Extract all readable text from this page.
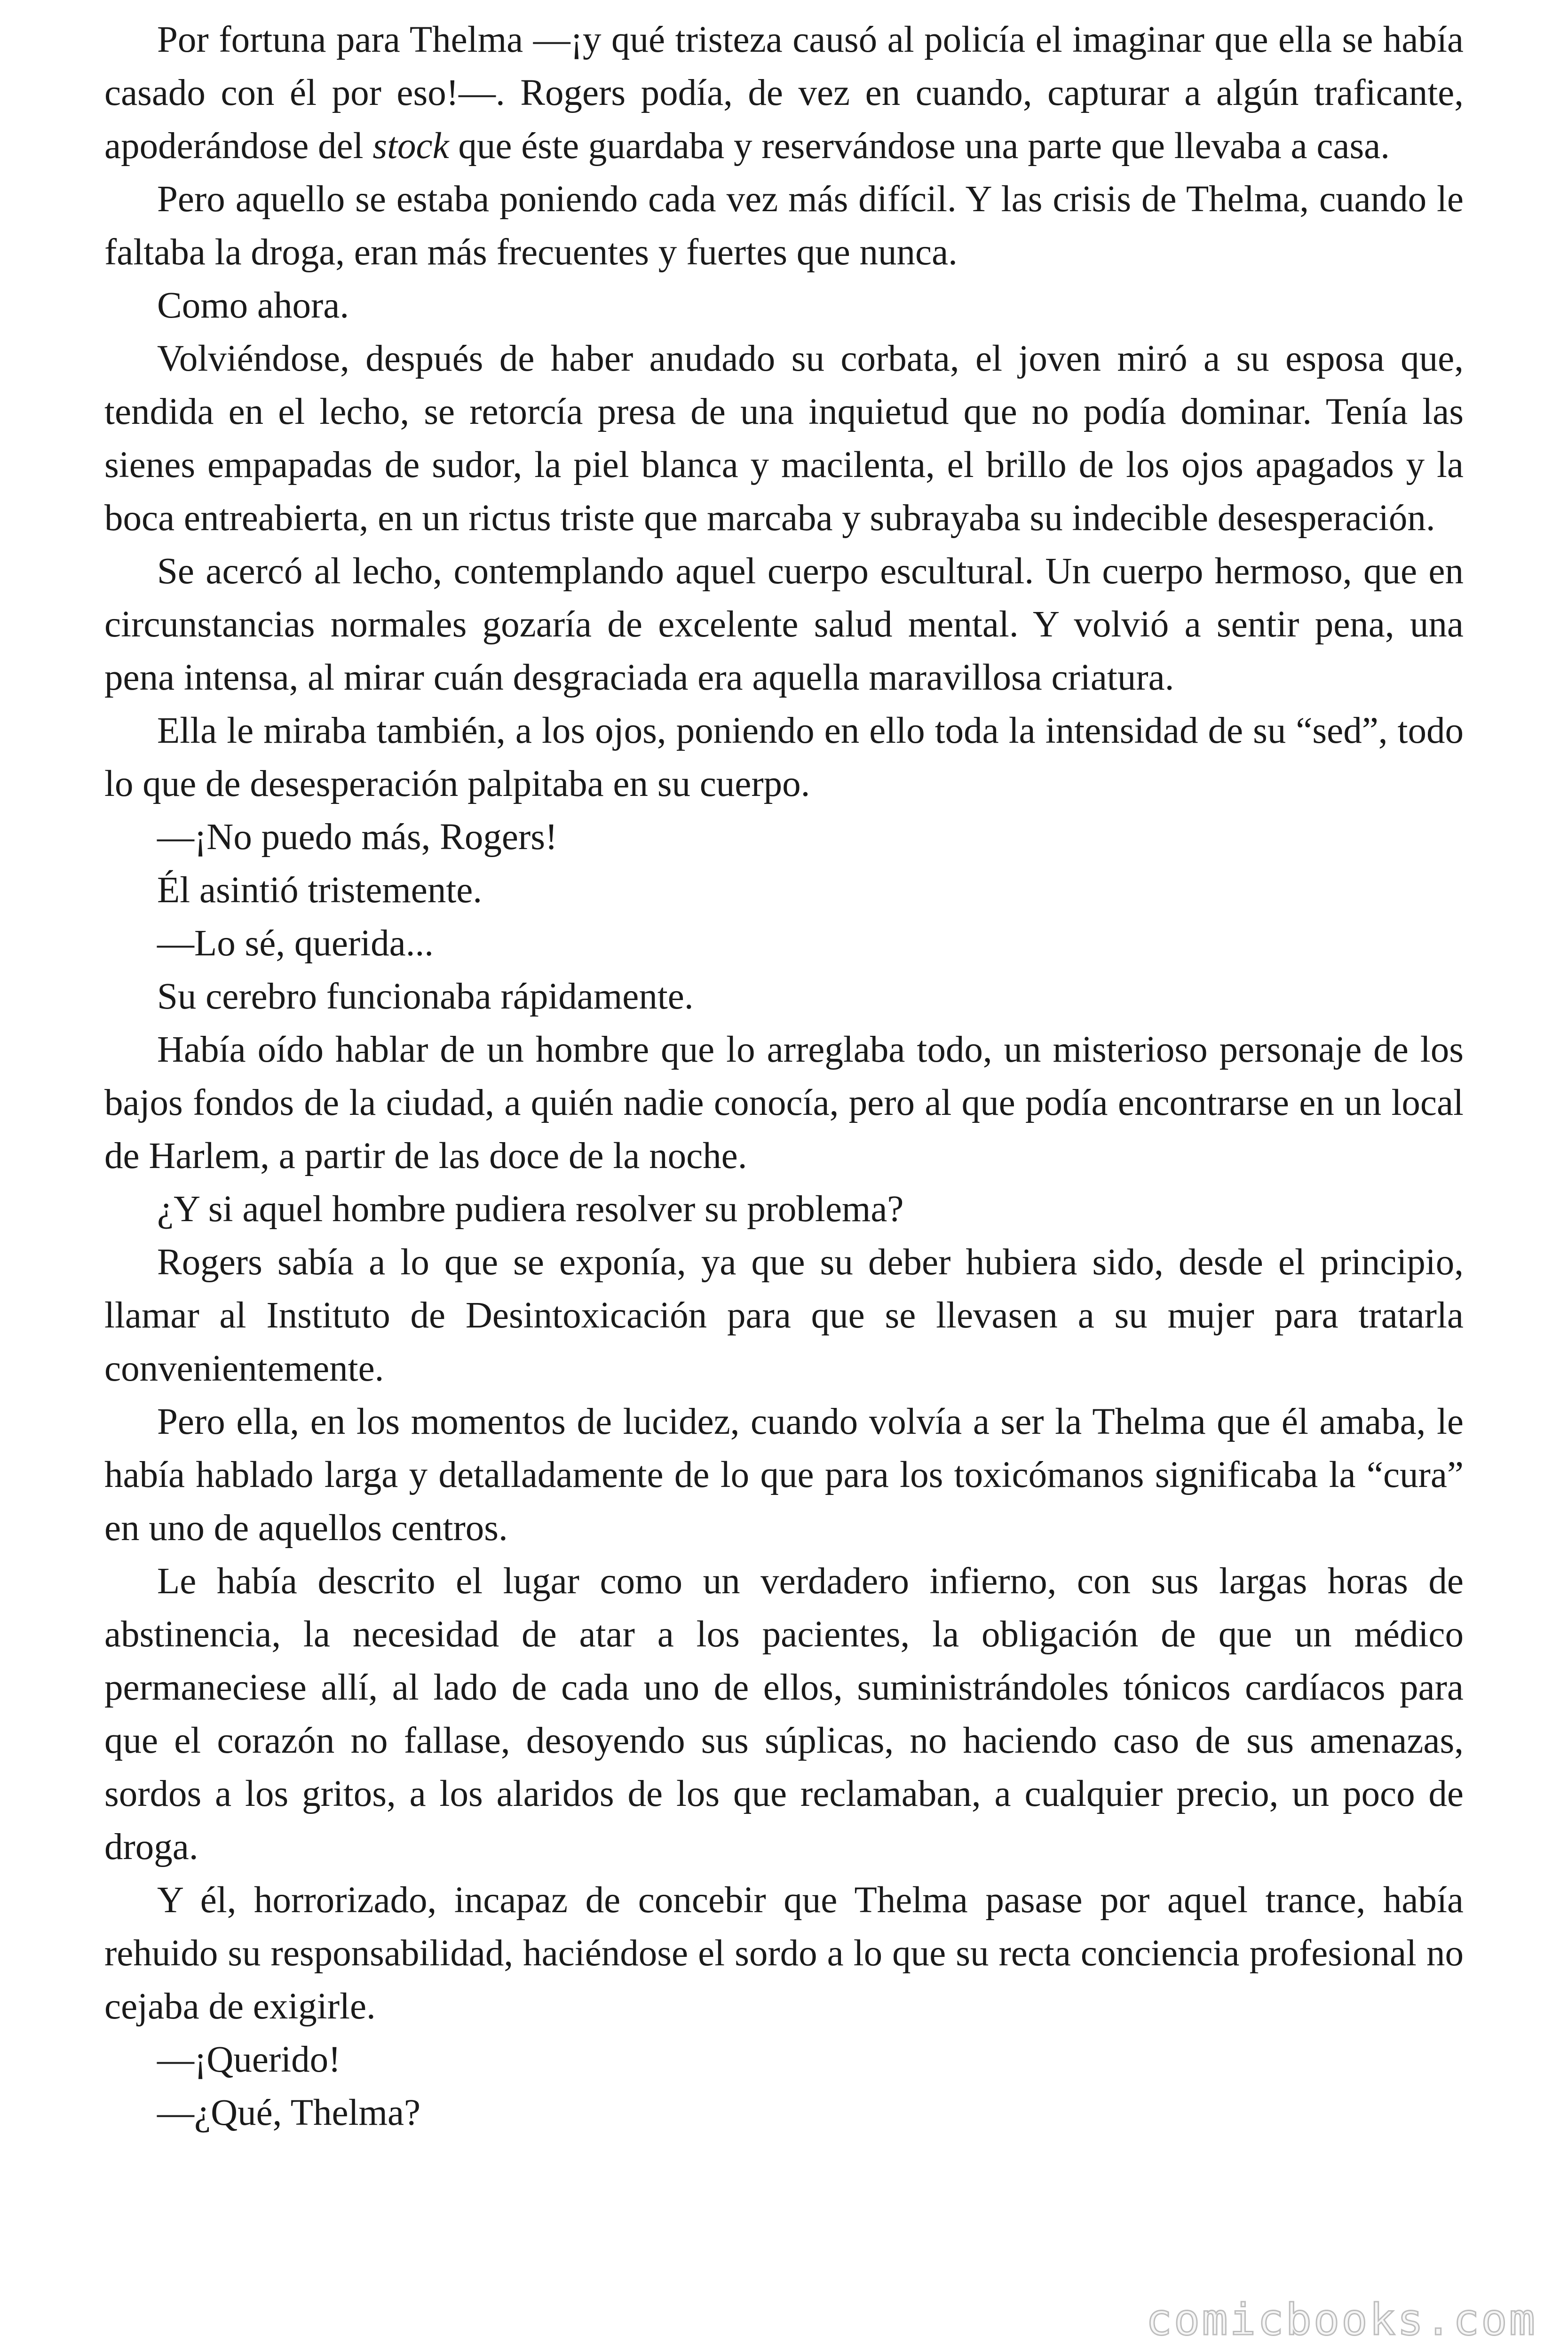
Por fortuna para Thelma —¡y qué tristeza causó al policía el imaginar que ella se había casado con él por eso!—. Rogers podía, de vez en cuando, capturar a algún traficante, apoderándose del stock que éste guardaba y reservándose una parte que llevaba a casa.

Pero aquello se estaba poniendo cada vez más difícil. Y las crisis de Thelma, cuando le faltaba la droga, eran más frecuentes y fuertes que nunca.

Como ahora.

Volviéndose, después de haber anudado su corbata, el joven miró a su esposa que, tendida en el lecho, se retorcía presa de una inquietud que no podía dominar. Tenía las sienes empapadas de sudor, la piel blanca y macilenta, el brillo de los ojos apagados y la boca entreabierta, en un rictus triste que marcaba y subrayaba su indecible desesperación.

Se acercó al lecho, contemplando aquel cuerpo escultural. Un cuerpo hermoso, que en circunstancias normales gozaría de excelente salud mental. Y volvió a sentir pena, una pena intensa, al mirar cuán desgraciada era aquella maravillosa criatura.

Ella le miraba también, a los ojos, poniendo en ello toda la intensidad de su “sed”, todo lo que de desesperación palpitaba en su cuerpo.

—¡No puedo más, Rogers!

Él asintió tristemente.

—Lo sé, querida...

Su cerebro funcionaba rápidamente.

Había oído hablar de un hombre que lo arreglaba todo, un misterioso personaje de los bajos fondos de la ciudad, a quién nadie conocía, pero al que podía encontrarse en un local de Harlem, a partir de las doce de la noche.

¿Y si aquel hombre pudiera resolver su problema?

Rogers sabía a lo que se exponía, ya que su deber hubiera sido, desde el principio, llamar al Instituto de Desintoxicación para que se llevasen a su mujer para tratarla convenientemente.

Pero ella, en los momentos de lucidez, cuando volvía a ser la Thelma que él amaba, le había hablado larga y detalladamente de lo que para los toxicómanos significaba la “cura” en uno de aquellos centros.

Le había descrito el lugar como un verdadero infierno, con sus largas horas de abstinencia, la necesidad de atar a los pacientes, la obligación de que un médico permaneciese allí, al lado de cada uno de ellos, suministrándoles tónicos cardíacos para que el corazón no fallase, desoyendo sus súplicas, no haciendo caso de sus amenazas, sordos a los gritos, a los alaridos de los que reclamaban, a cualquier precio, un poco de droga.

Y él, horrorizado, incapaz de concebir que Thelma pasase por aquel trance, había rehuido su responsabilidad, haciéndose el sordo a lo que su recta conciencia profesional no cejaba de exigirle.

—¡Querido!

—¿Qué, Thelma?

comicbooks.com
